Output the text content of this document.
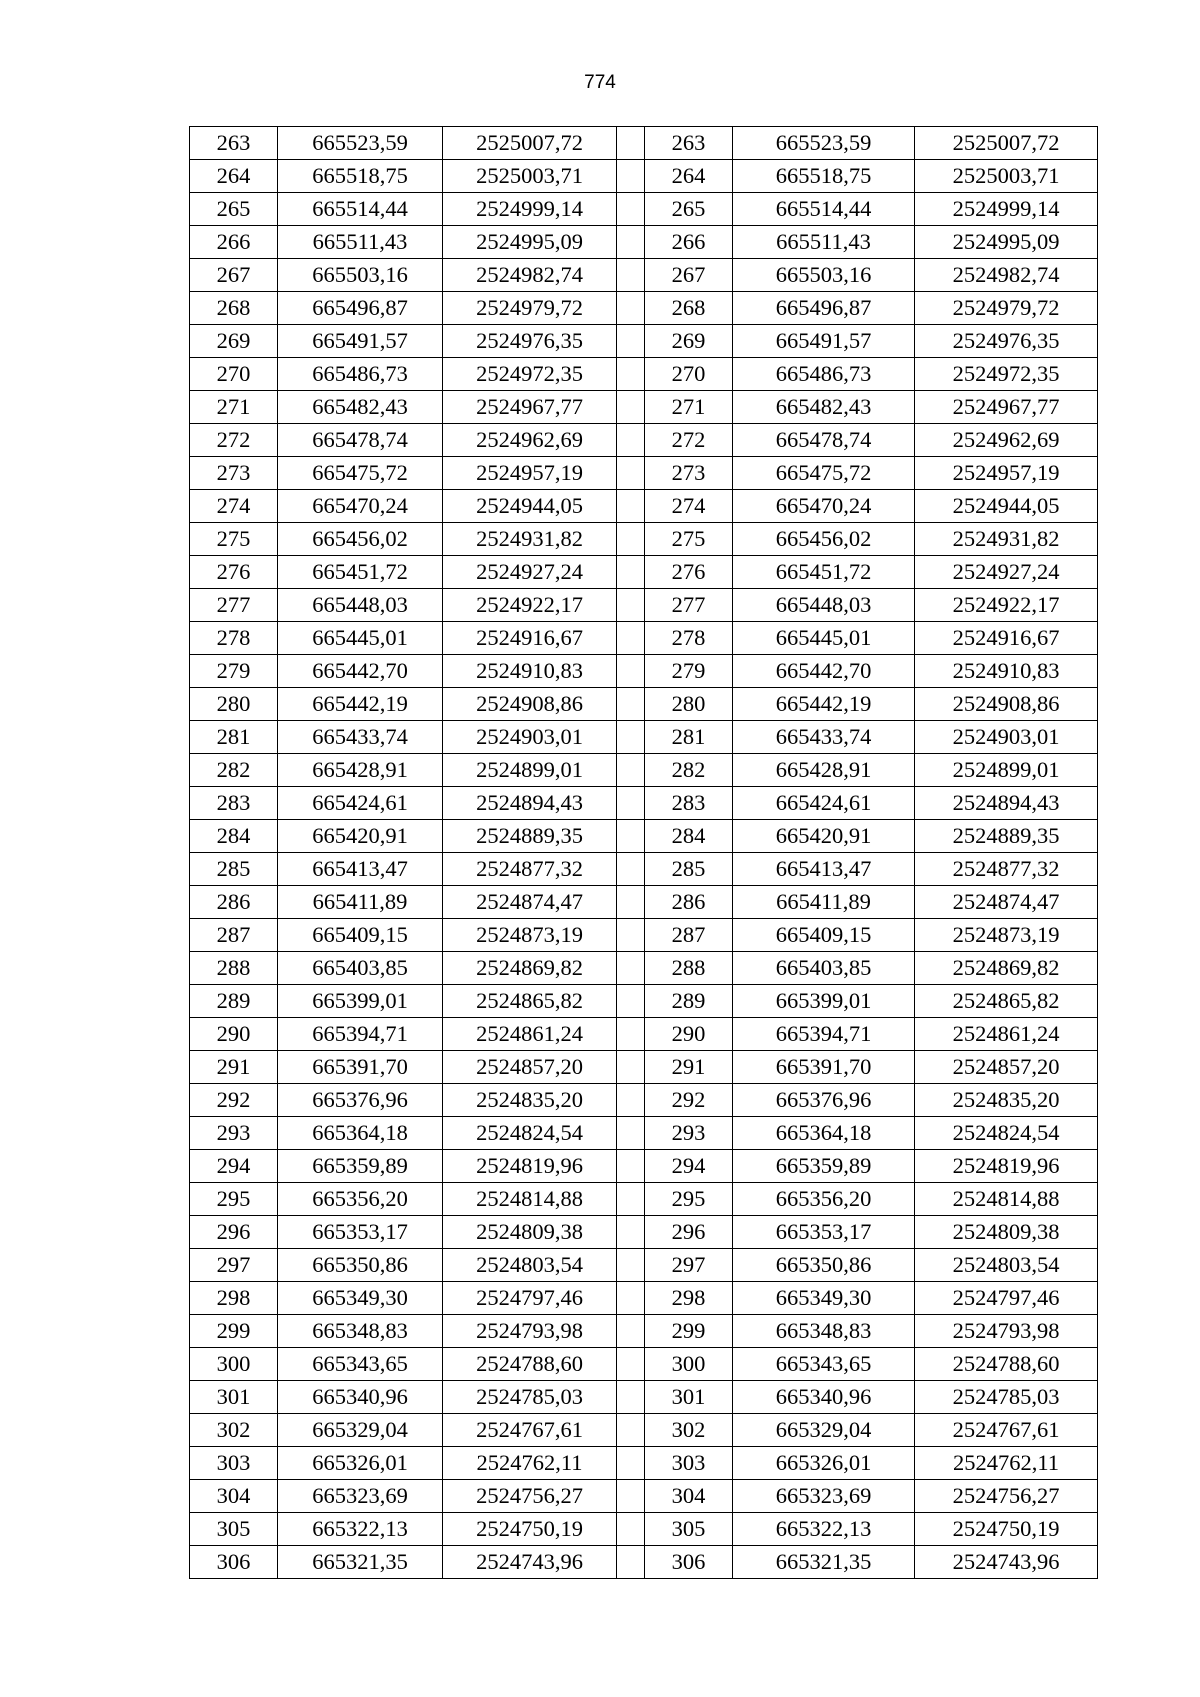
774
263	665523,59	2525007,72		263	665523,59	2525007,72
264	665518,75	2525003,71		264	665518,75	2525003,71
265	665514,44	2524999,14		265	665514,44	2524999,14
266	665511,43	2524995,09		266	665511,43	2524995,09
267	665503,16	2524982,74		267	665503,16	2524982,74
268	665496,87	2524979,72		268	665496,87	2524979,72
269	665491,57	2524976,35		269	665491,57	2524976,35
270	665486,73	2524972,35		270	665486,73	2524972,35
271	665482,43	2524967,77		271	665482,43	2524967,77
272	665478,74	2524962,69		272	665478,74	2524962,69
273	665475,72	2524957,19		273	665475,72	2524957,19
274	665470,24	2524944,05		274	665470,24	2524944,05
275	665456,02	2524931,82		275	665456,02	2524931,82
276	665451,72	2524927,24		276	665451,72	2524927,24
277	665448,03	2524922,17		277	665448,03	2524922,17
278	665445,01	2524916,67		278	665445,01	2524916,67
279	665442,70	2524910,83		279	665442,70	2524910,83
280	665442,19	2524908,86		280	665442,19	2524908,86
281	665433,74	2524903,01		281	665433,74	2524903,01
282	665428,91	2524899,01		282	665428,91	2524899,01
283	665424,61	2524894,43		283	665424,61	2524894,43
284	665420,91	2524889,35		284	665420,91	2524889,35
285	665413,47	2524877,32		285	665413,47	2524877,32
286	665411,89	2524874,47		286	665411,89	2524874,47
287	665409,15	2524873,19		287	665409,15	2524873,19
288	665403,85	2524869,82		288	665403,85	2524869,82
289	665399,01	2524865,82		289	665399,01	2524865,82
290	665394,71	2524861,24		290	665394,71	2524861,24
291	665391,70	2524857,20		291	665391,70	2524857,20
292	665376,96	2524835,20		292	665376,96	2524835,20
293	665364,18	2524824,54		293	665364,18	2524824,54
294	665359,89	2524819,96		294	665359,89	2524819,96
295	665356,20	2524814,88		295	665356,20	2524814,88
296	665353,17	2524809,38		296	665353,17	2524809,38
297	665350,86	2524803,54		297	665350,86	2524803,54
298	665349,30	2524797,46		298	665349,30	2524797,46
299	665348,83	2524793,98		299	665348,83	2524793,98
300	665343,65	2524788,60		300	665343,65	2524788,60
301	665340,96	2524785,03		301	665340,96	2524785,03
302	665329,04	2524767,61		302	665329,04	2524767,61
303	665326,01	2524762,11		303	665326,01	2524762,11
304	665323,69	2524756,27		304	665323,69	2524756,27
305	665322,13	2524750,19		305	665322,13	2524750,19
306	665321,35	2524743,96		306	665321,35	2524743,96
